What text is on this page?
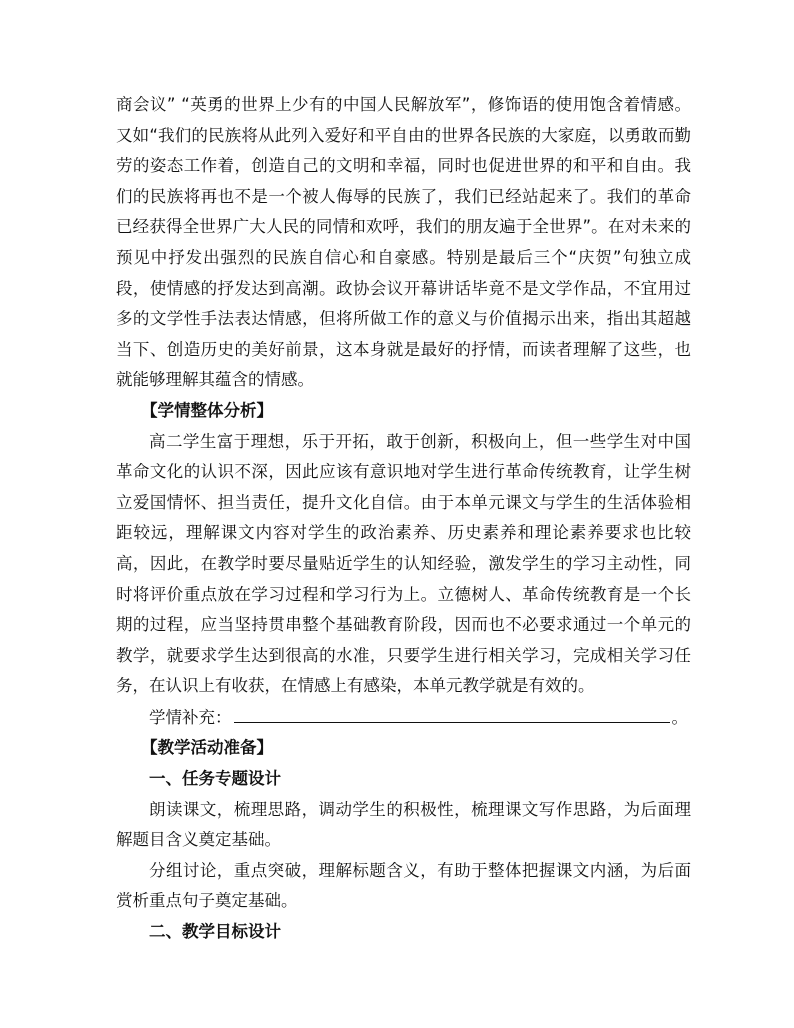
商会议” “英勇的世界上少有的中国人民解放军”，修饰语的使用饱含着情感。又如“我们的民族将从此列入爱好和平自由的世界各民族的大家庭，以勇敢而勤劳的姿态工作着，创造自己的文明和幸福，同时也促进世界的和平和自由。我们的民族将再也不是一个被人侮辱的民族了，我们已经站起来了。我们的革命已经获得全世界广大人民的同情和欢呼，我们的朋友遍于全世界”。在对未来的预见中抒发出强烈的民族自信心和自豪感。特别是最后三个“庆贺”句独立成段，使情感的抒发达到高潮。政协会议开幕讲话毕竟不是文学作品，不宜用过多的文学性手法表达情感，但将所做工作的意义与价值揭示出来，指出其超越当下、创造历史的美好前景，这本身就是最好的抒情，而读者理解了这些，也就能够理解其蕴含的情感。

【学情整体分析】

高二学生富于理想，乐于开拓，敢于创新，积极向上，但一些学生对中国革命文化的认识不深，因此应该有意识地对学生进行革命传统教育，让学生树立爱国情怀、担当责任，提升文化自信。由于本单元课文与学生的生活体验相距较远，理解课文内容对学生的政治素养、历史素养和理论素养要求也比较高，因此，在教学时要尽量贴近学生的认知经验，激发学生的学习主动性，同时将评价重点放在学习过程和学习行为上。立德树人、革命传统教育是一个长期的过程，应当坚持贯串整个基础教育阶段，因而也不必要求通过一个单元的教学，就要求学生达到很高的水准，只要学生进行相关学习，完成相关学习任务，在认识上有收获，在情感上有感染，本单元教学就是有效的。

学情补充：	。

【教学活动准备】

一、任务专题设计

朗读课文，梳理思路，调动学生的积极性，梳理课文写作思路，为后面理解题目含义奠定基础。

分组讨论，重点突破，理解标题含义，有助于整体把握课文内涵，为后面赏析重点句子奠定基础。

二、教学目标设计
